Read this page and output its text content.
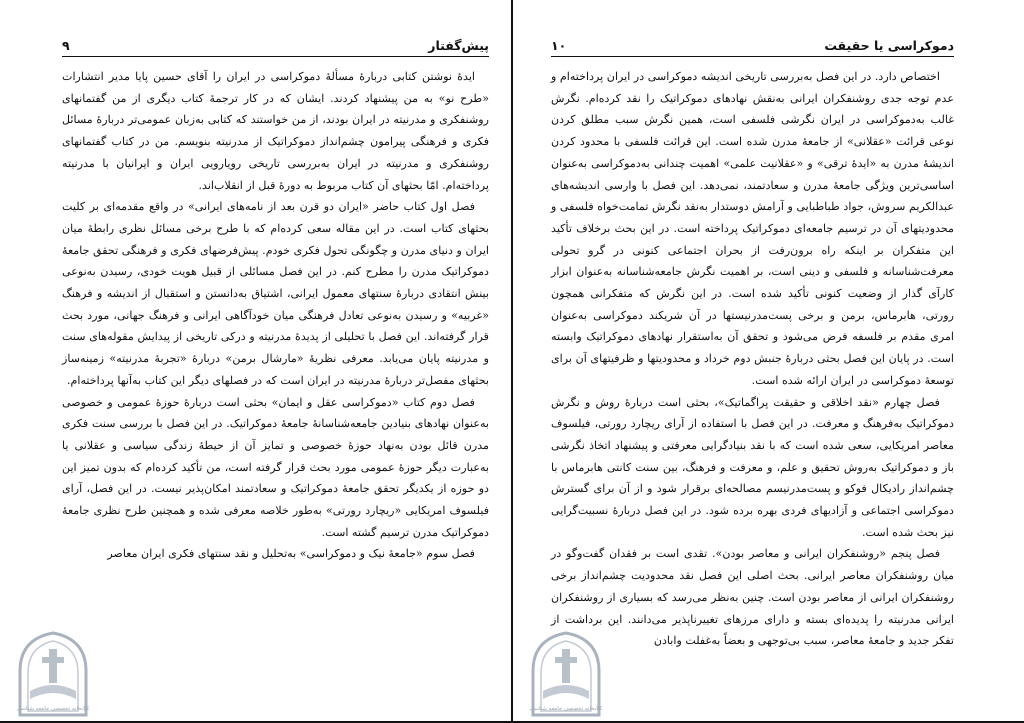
پیش‌گفتار
۹

ایدهٔ نوشتن کتابی دربارهٔ مسألهٔ دموکراسی در ایران را آقای حسین پایا مدیر انتشارات «طرح نو» به من پیشنهاد کردند. ایشان که در کار ترجمهٔ کتاب دیگری از من گفتمانهای روشنفکری و مدرنیته در ایران بودند، از من خواستند که کتابی به‌زبان عمومی‌تر دربارهٔ مسائل فکری و فرهنگی پیرامون چشم‌انداز دموکراتیک از مدرنیته بنویسم. من در کتاب گفتمانهای روشنفکری و مدرنیته در ایران به‌بررسی تاریخی رویارویی ایران و ایرانیان با مدرنیته پرداخته‌ام. امّا بحثهای آن کتاب مربوط به دورهٔ قبل از انقلاب‌اند.

فصل اول کتاب حاضر «ایران دو قرن بعد از نامه‌های ایرانی» در واقع مقدمه‌ای بر کلیت بحثهای کتاب است. در این مقاله سعی کرده‌ام که با طرح برخی مسائل نظری رابطهٔ میان ایران و دنیای مدرن و چگونگی تحول فکری خودم. پیش‌فرضهای فکری و فرهنگی تحقق جامعهٔ دموکراتیک مدرن را مطرح کنم. در این فصل مسائلی از قبیل هویت خودی، رسیدن به‌نوعی بینش انتقادی دربارهٔ سنتهای معمول ایرانی، اشتیاق به‌دانستن و استقبال از اندیشه و فرهنگ «غربیه» و رسیدن به‌نوعی تعادل فرهنگی میان خودآگاهی ایرانی و فرهنگ جهانی، مورد بحث قرار گرفته‌اند. این فصل با تحلیلی از پدیدهٔ مدرنیته و درکی تاریخی از پیدایش مقوله‌های سنت و مدرنیته پایان می‌یابد. معرفی نظریهٔ «مارشال برمن» دربارهٔ «تجربهٔ مدرنیته» زمینه‌ساز بحثهای مفصل‌تر دربارهٔ مدرنیته در ایران است که در فصلهای دیگر این کتاب به‌آنها پرداخته‌ام.

فصل دوم کتاب «دموکراسی عقل و ایمان» بحثی است دربارهٔ حوزهٔ عمومی و خصوصی به‌عنوان نهادهای بنیادین جامعه‌شناسانهٔ جامعهٔ دموکراتیک. در این فصل با بررسی سنت فکری مدرن قائل بودن به‌نهاد حوزهٔ خصوصی و تمایز آن از حیطهٔ زندگی سیاسی و عقلانی یا به‌عبارت دیگر حوزهٔ عمومی مورد بحث قرار گرفته است، من تأکید کرده‌ام که بدون تمیز این دو حوزه از یکدیگر تحقق جامعهٔ دموکراتیک و سعادتمند امکان‌پذیر نیست. در این فصل، آرای فیلسوف امریکایی «ریچارد رورتی» به‌طور خلاصه معرفی شده و همچنین طرح نظری جامعهٔ دموکراتیک مدرن ترسیم گشته است.

فصل سوم «جامعهٔ نیک و دموکراسی» به‌تحلیل و نقد سنتهای فکری ایران معاصر

کتابخانه تخصصی جامعه شناسی
دموکراسی یا حقیقت
۱۰

اختصاص دارد. در این فصل به‌بررسی تاریخی اندیشه دموکراسی در ایران پرداخته‌ام و عدم توجه جدی روشنفکران ایرانی به‌نقش نهادهای دموکراتیک را نقد کرده‌ام. نگرش غالب به‌دموکراسی در ایران نگرشی فلسفی است، همین نگرش سبب مطلق کردن نوعی قرائت «عقلانی» از جامعهٔ مدرن شده است. این قرائت فلسفی با محدود کردن اندیشهٔ مدرن به «ایدهٔ ترقی» و «عقلانیت علمی» اهمیت چندانی به‌دموکراسی به‌عنوان اساسی‌ترین ویژگی جامعهٔ مدرن و سعادتمند، نمی‌دهد. این فصل با وارسی اندیشه‌های عبدالکریم سروش، جواد طباطبایی و آرامش دوستدار به‌نقد نگرش تمامت‌خواه فلسفی و محدودیتهای آن در ترسیم جامعه‌ای دموکراتیک پرداخته است. در این بحث برخلاف تأکید این متفکران بر اینکه راه برون‌رفت از بحران اجتماعی کنونی در گرو تحولی معرفت‌شناسانه و فلسفی و دینی است، بر اهمیت نگرش جامعه‌شناسانه به‌عنوان ابزار کارآی گذار از وضعیت کنونی تأکید شده است. در این نگرش که متفکرانی همچون رورتی، هابرماس، برمن و برخی پست‌مدرنیستها در آن شریکند دموکراسی به‌عنوان امری مقدم بر فلسفه فرض می‌شود و تحقق آن به‌استقرار نهادهای دموکراتیک وابسته است. در پایان این فصل بحثی دربارهٔ جنبش دوم خرداد و محدودیتها و ظرفیتهای آن برای توسعهٔ دموکراسی در ایران ارائه شده است.

فصل چهارم «نقد اخلاقی و حقیقت پراگماتیک»، بحثی است دربارهٔ روش و نگرش دموکراتیک به‌فرهنگ و معرفت. در این فصل با استفاده از آرای ریچارد رورتی، فیلسوف معاصر امریکایی، سعی شده است که با نقد بنیادگرایی معرفتی و پیشنهاد اتخاذ نگرشی باز و دموکراتیک به‌روش تحقیق و علم، و معرفت و فرهنگ، بین سنت کانتی هابرماس با چشم‌انداز رادیکال فوکو و پست‌مدرنیسم مصالحه‌ای برقرار شود و از آن برای گسترش دموکراسی اجتماعی و آزادیهای فردی بهره برده شود. در این فصل دربارهٔ نسبیت‌گرایی نیز بحث شده است.

فصل پنجم «روشنفکران ایرانی و معاصر بودن». تقدی است بر فقدان گفت‌وگو در میان روشنفکران معاصر ایرانی. بحث اصلی این فصل نقد محدودیت چشم‌انداز برخی روشنفکران ایرانی از معاصر بودن است. چنین به‌نظر می‌رسد که بسیاری از روشنفکران ایرانی مدرنیته را پدیده‌ای بسته و دارای مرزهای تغییرناپذیر می‌دانند. این برداشت از تفکر جدید و جامعهٔ معاصر، سبب بی‌توجهی و بعضاً به‌غفلت وا‌بادن

کتابخانه تخصصی جامعه شناسی
